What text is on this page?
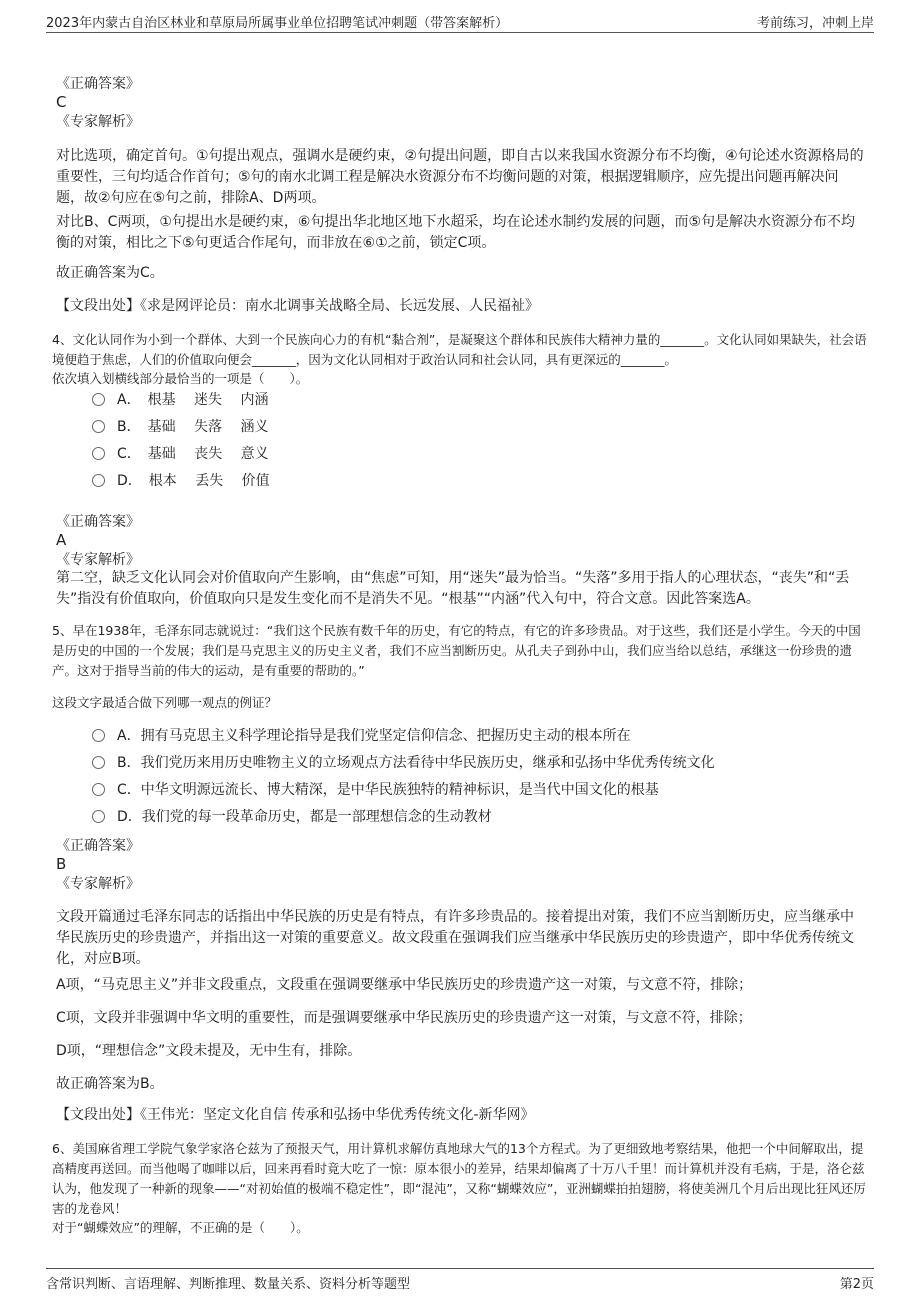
2023年内蒙古自治区林业和草原局所属事业单位招聘笔试冲刺题（带答案解析）	考前练习，冲刺上岸
《正确答案》
C
《专家解析》
对比选项，确定首句。①句提出观点，强调水是硬约束，②句提出问题，即自古以来我国水资源分布不均衡，④句论述水资源格局的重要性，三句均适合作首句；⑤句的南水北调工程是解决水资源分布不均衡问题的对策，根据逻辑顺序，应先提出问题再解决问题，故②句应在⑤句之前，排除A、D两项。
对比B、C两项，①句提出水是硬约束，⑥句提出华北地区地下水超采，均在论述水制约发展的问题，而⑤句是解决水资源分布不均衡的对策，相比之下⑤句更适合作尾句，而非放在⑥①之前，锁定C项。
故正确答案为C。
【文段出处】《求是网评论员：南水北调事关战略全局、长远发展、人民福祉》
4、文化认同作为小到一个群体、大到一个民族向心力的有机“黏合剂”，是凝聚这个群体和民族伟大精神力量的_______。文化认同如果缺失，社会语境便趋于焦虑，人们的价值取向便会_______，因为文化认同相对于政治认同和社会认同，具有更深远的_______。
依次填入划横线部分最恰当的一项是（　　）。
A．　根基　 迷失　 内涵
B．　基础　 失落　 涵义
C．　基础　 丧失　 意义
D．　根本　 丢失　 价值
《正确答案》
A
《专家解析》
第二空，缺乏文化认同会对价值取向产生影响，由“焦虑”可知，用“迷失”最为恰当。“失落”多用于指人的心理状态，“丧失”和“丢失”指没有价值取向，价值取向只是发生变化而不是消失不见。“根基”“内涵”代入句中，符合文意。因此答案选A。
5、早在1938年，毛泽东同志就说过：“我们这个民族有数千年的历史，有它的特点，有它的许多珍贵品。对于这些，我们还是小学生。今天的中国是历史的中国的一个发展；我们是马克思主义的历史主义者，我们不应当割断历史。从孔夫子到孙中山，我们应当给以总结，承继这一份珍贵的遗产。这对于指导当前的伟大的运动，是有重要的帮助的。”
这段文字最适合做下列哪一观点的例证？
A．拥有马克思主义科学理论指导是我们党坚定信仰信念、把握历史主动的根本所在
B．我们党历来用历史唯物主义的立场观点方法看待中华民族历史，继承和弘扬中华优秀传统文化
C．中华文明源远流长、博大精深，是中华民族独特的精神标识，是当代中国文化的根基
D．我们党的每一段革命历史，都是一部理想信念的生动教材
《正确答案》
B
《专家解析》
文段开篇通过毛泽东同志的话指出中华民族的历史是有特点，有许多珍贵品的。接着提出对策，我们不应当割断历史，应当继承中华民族历史的珍贵遗产，并指出这一对策的重要意义。故文段重在强调我们应当继承中华民族历史的珍贵遗产，即中华优秀传统文化，对应B项。
A项，“马克思主义”并非文段重点，文段重在强调要继承中华民族历史的珍贵遗产这一对策，与文意不符，排除；
C项，文段并非强调中华文明的重要性，而是强调要继承中华民族历史的珍贵遗产这一对策，与文意不符，排除；
D项，“理想信念”文段未提及，无中生有，排除。
故正确答案为B。
【文段出处】《王伟光：坚定文化自信 传承和弘扬中华优秀传统文化-新华网》
6、美国麻省理工学院气象学家洛仑兹为了预报天气，用计算机求解仿真地球大气的13个方程式。为了更细致地考察结果，他把一个中间解取出，提高精度再送回。而当他喝了咖啡以后，回来再看时竟大吃了一惊：原本很小的差异，结果却偏离了十万八千里！而计算机并没有毛病，于是，洛仑兹认为，他发现了一种新的现象——“对初始值的极端不稳定性”，即“混沌”，又称“蝴蝶效应”，亚洲蝴蝶拍拍翅膀，将使美洲几个月后出现比狂风还厉害的龙卷风！
对于“蝴蝶效应”的理解，不正确的是（　　）。
含常识判断、言语理解、判断推理、数量关系、资料分析等题型	第2页
